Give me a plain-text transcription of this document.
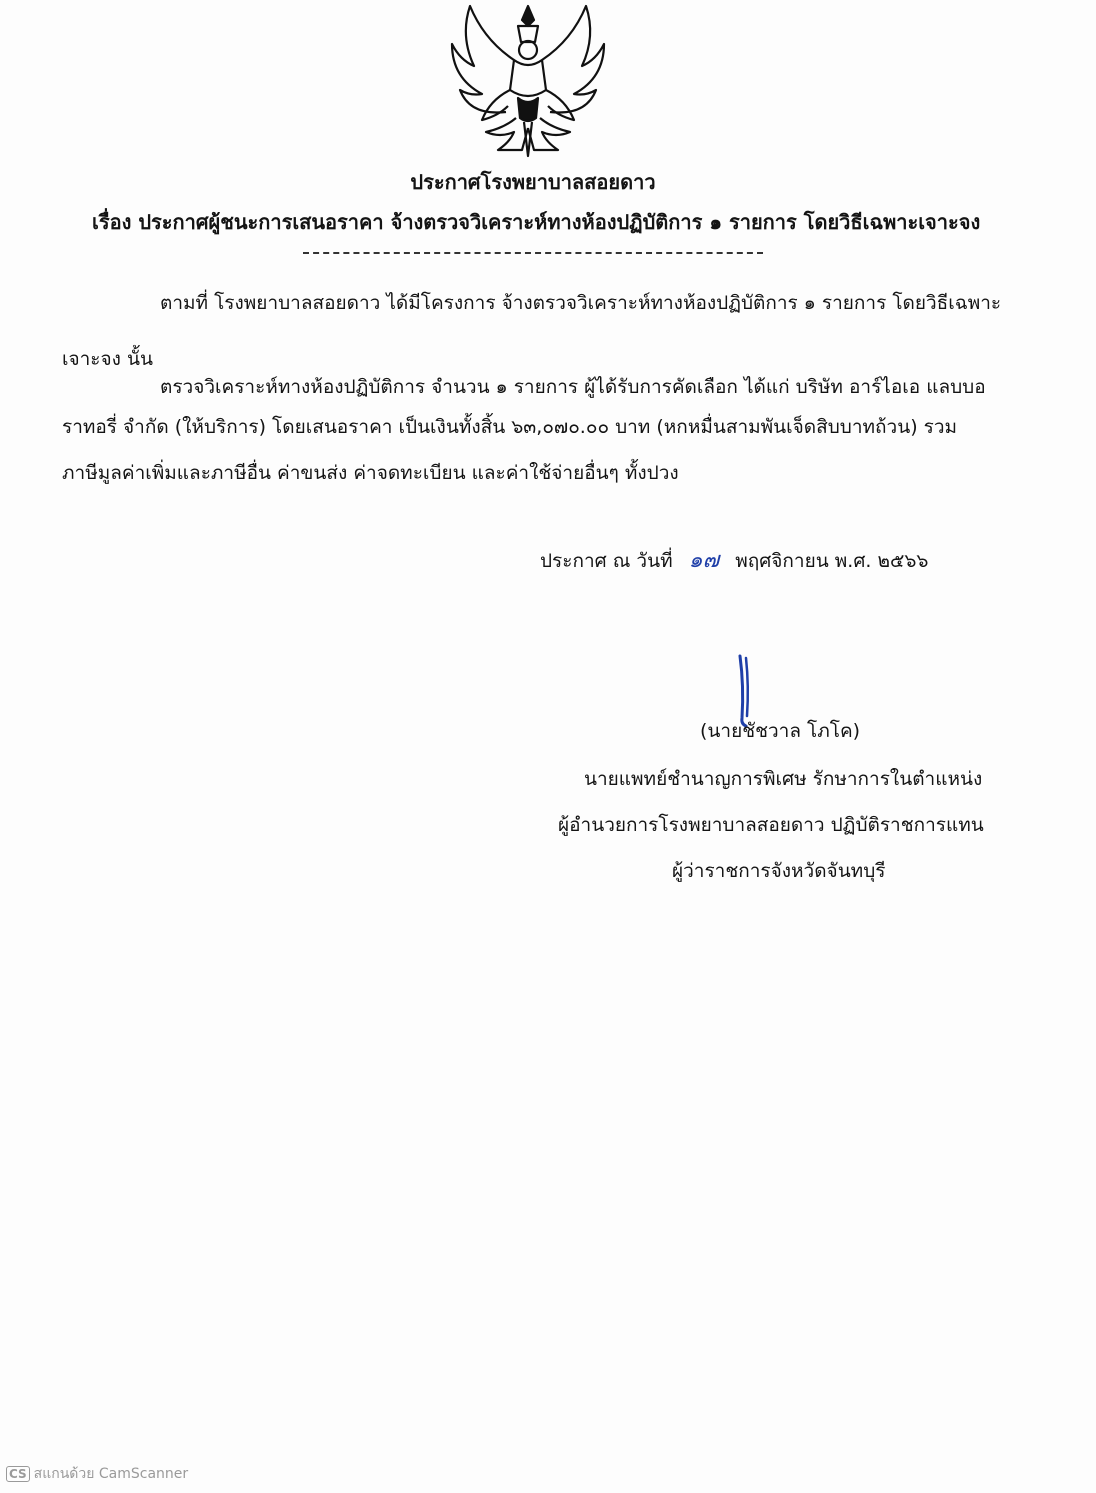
ประกาศโรงพยาบาลสอยดาว
เรื่อง ประกาศผู้ชนะการเสนอราคา จ้างตรวจวิเคราะห์ทางห้องปฏิบัติการ ๑ รายการ โดยวิธีเฉพาะเจาะจง
ตามที่ โรงพยาบาลสอยดาว ได้มีโครงการ จ้างตรวจวิเคราะห์ทางห้องปฏิบัติการ ๑ รายการ โดยวิธีเฉพาะ
เจาะจง นั้น
ตรวจวิเคราะห์ทางห้องปฏิบัติการ จำนวน ๑ รายการ ผู้ได้รับการคัดเลือก ได้แก่ บริษัท อาร์ไอเอ แลบบอ
ราทอรี่ จำกัด (ให้บริการ) โดยเสนอราคา เป็นเงินทั้งสิ้น ๖๓,๐๗๐.๐๐ บาท (หกหมื่นสามพันเจ็ดสิบบาทถ้วน) รวม
ภาษีมูลค่าเพิ่มและภาษีอื่น ค่าขนส่ง ค่าจดทะเบียน และค่าใช้จ่ายอื่นๆ ทั้งปวง
ประกาศ ณ วันที่ ๑๗ พฤศจิกายน พ.ศ. ๒๕๖๖
(นายชัชวาล โภโค)
นายแพทย์ชำนาญการพิเศษ รักษาการในตำแหน่ง
ผู้อำนวยการโรงพยาบาลสอยดาว ปฏิบัติราชการแทน
ผู้ว่าราชการจังหวัดจันทบุรี
CS สแกนด้วย CamScanner
